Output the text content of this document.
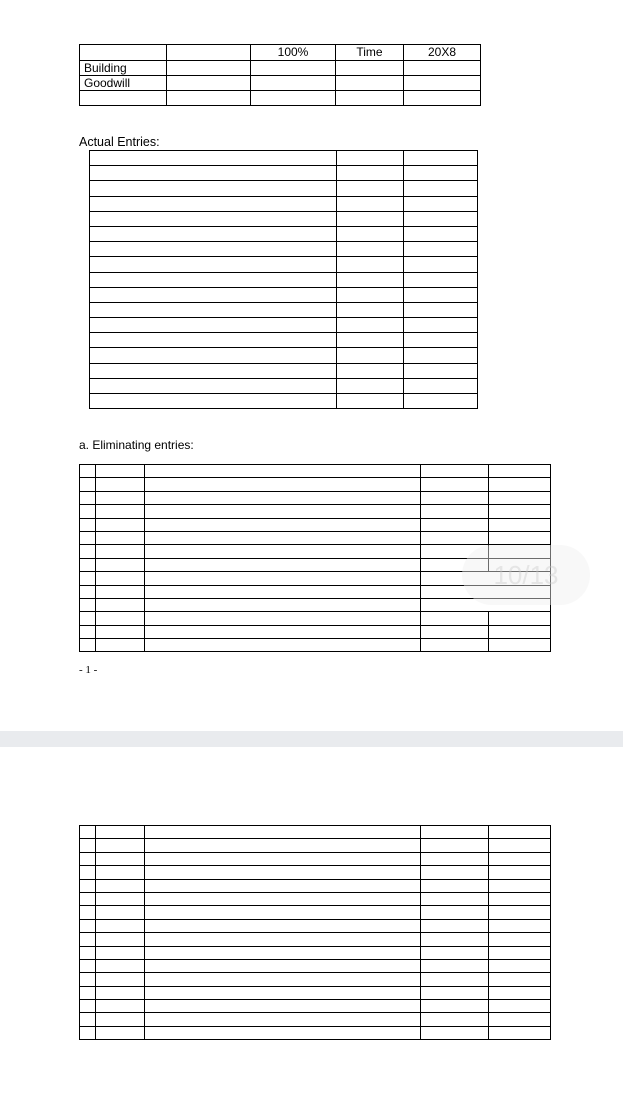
		100%	Time	20X8
Building				
Goodwill				

Actual Entries:

a. Eliminating entries:

10/13
- 1 -
